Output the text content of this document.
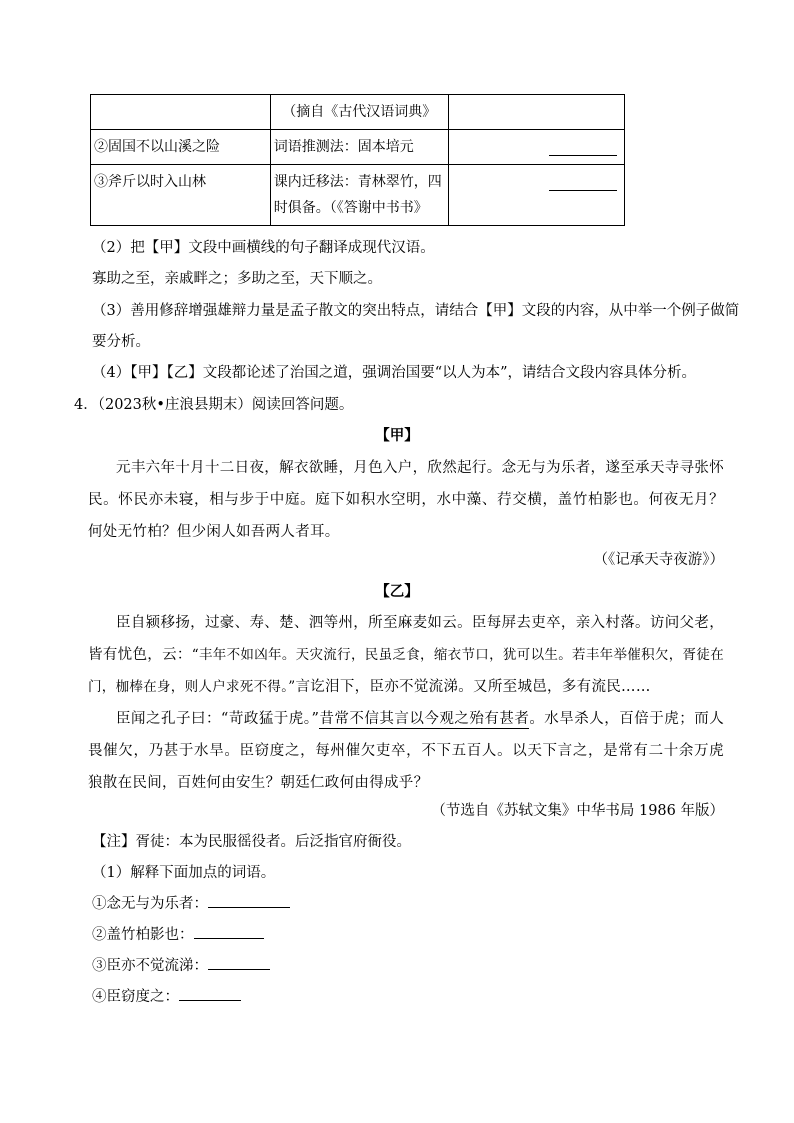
	（摘自《古代汉语词典》	
②固国不以山溪之险	词语推测法：固本培元	
③斧斤以时入山林	课内迁移法：青林翠竹，四
时俱备。（《答谢中书书》	

（2）把【甲】文段中画横线的句子翻译成现代汉语。
寡助之至，亲戚畔之；多助之至，天下顺之。
（3）善用修辞增强雄辩力量是孟子散文的突出特点，请结合【甲】文段的内容，从中举一个例子做简
要分析。
（4）【甲】【乙】文段都论述了治国之道，强调治国要“以人为本”，请结合文段内容具体分析。
4．（2023秋•庄浪县期末）阅读回答问题。
【甲】
元丰六年十月十二日夜，解衣欲睡，月色入户，欣然起行。念无与为乐者，遂至承天寺寻张怀民。怀民亦未寝，相与步于中庭。庭下如积水空明，水中藻、荇交横，盖竹柏影也。何夜无月？何处无竹柏？但少闲人如吾两人者耳。
（《记承天寺夜游》）
【乙】
臣自颍移扬，过豪、寿、楚、泗等州，所至麻麦如云。臣每屏去吏卒，亲入村落。访问父老，皆有忧色，云：“丰年不如凶年。天灾流行，民虽乏食，缩衣节口，犹可以生。若丰年举催积欠，胥徒在门，枷棒在身，则人户求死不得。”言讫泪下，臣亦不觉流涕。又所至城邑，多有流民……
臣闻之孔子曰：“苛政猛于虎。”昔常不信其言以今观之殆有甚者。水旱杀人，百倍于虎；而人畏催欠，乃甚于水旱。臣窃度之，每州催欠吏卒，不下五百人。以天下言之，是常有二十余万虎狼散在民间，百姓何由安生？朝廷仁政何由得成乎？
（节选自《苏轼文集》中华书局 1986 年版）
【注】胥徒：本为民服徭役者。后泛指官府衙役。
（1）解释下面加点的词语。
①念无与为乐者：
②盖竹柏影也：
③臣亦不觉流涕：
④臣窃度之：
